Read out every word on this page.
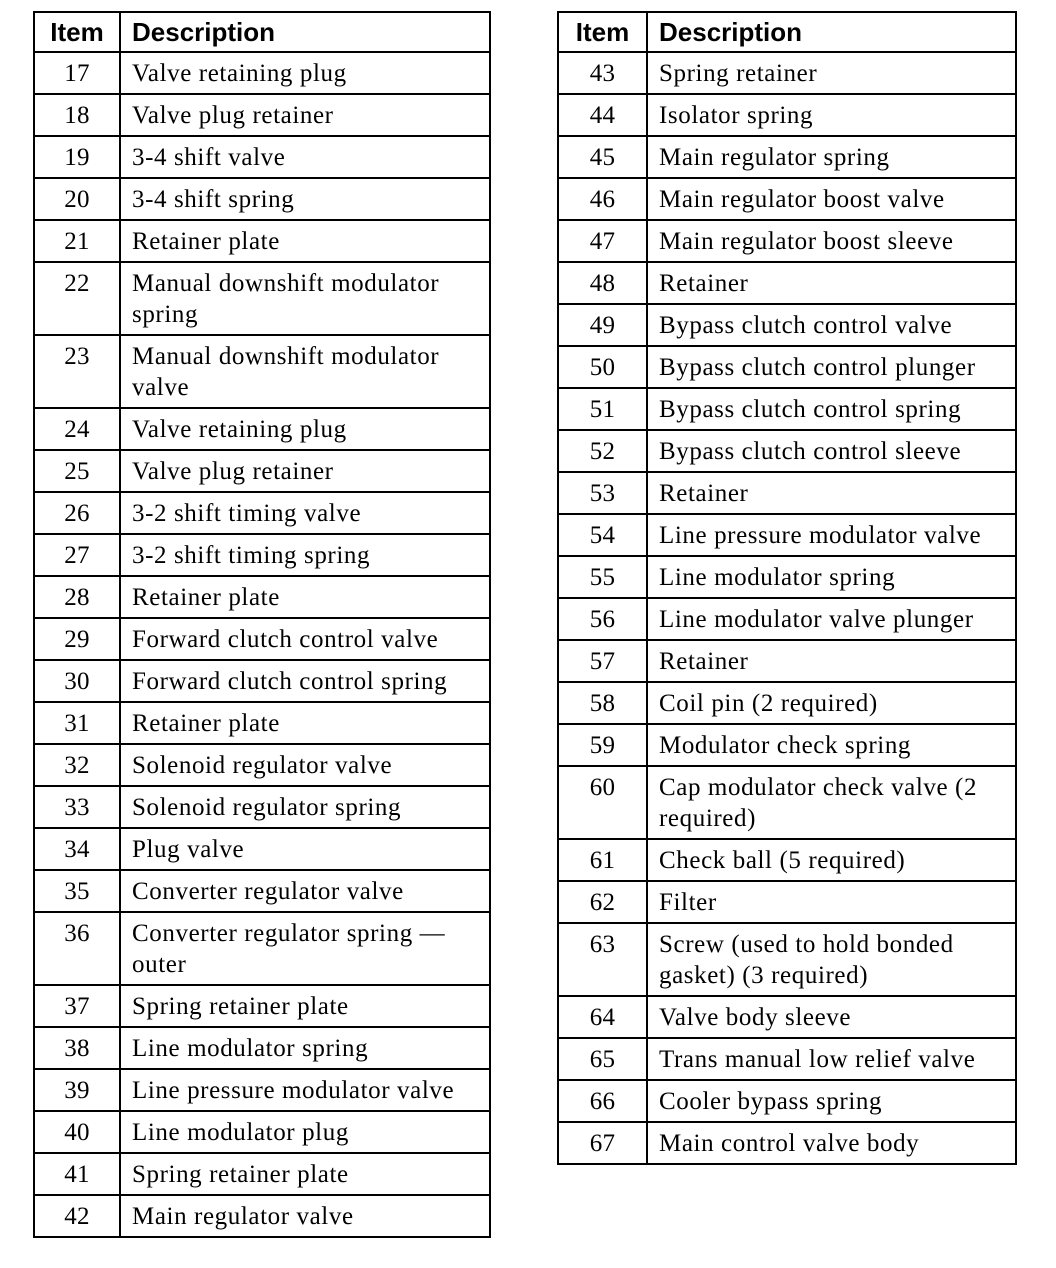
Item	Description
17	Valve retaining plug
18	Valve plug retainer
19	3-4 shift valve
20	3-4 shift spring
21	Retainer plate
22	Manual downshift modulator spring
23	Manual downshift modulator valve
24	Valve retaining plug
25	Valve plug retainer
26	3-2 shift timing valve
27	3-2 shift timing spring
28	Retainer plate
29	Forward clutch control valve
30	Forward clutch control spring
31	Retainer plate
32	Solenoid regulator valve
33	Solenoid regulator spring
34	Plug valve
35	Converter regulator valve
36	Converter regulator spring — outer
37	Spring retainer plate
38	Line modulator spring
39	Line pressure modulator valve
40	Line modulator plug
41	Spring retainer plate
42	Main regulator valve
Item	Description
43	Spring retainer
44	Isolator spring
45	Main regulator spring
46	Main regulator boost valve
47	Main regulator boost sleeve
48	Retainer
49	Bypass clutch control valve
50	Bypass clutch control plunger
51	Bypass clutch control spring
52	Bypass clutch control sleeve
53	Retainer
54	Line pressure modulator valve
55	Line modulator spring
56	Line modulator valve plunger
57	Retainer
58	Coil pin (2 required)
59	Modulator check spring
60	Cap modulator check valve (2 required)
61	Check ball (5 required)
62	Filter
63	Screw (used to hold bonded gasket) (3 required)
64	Valve body sleeve
65	Trans manual low relief valve
66	Cooler bypass spring
67	Main control valve body
